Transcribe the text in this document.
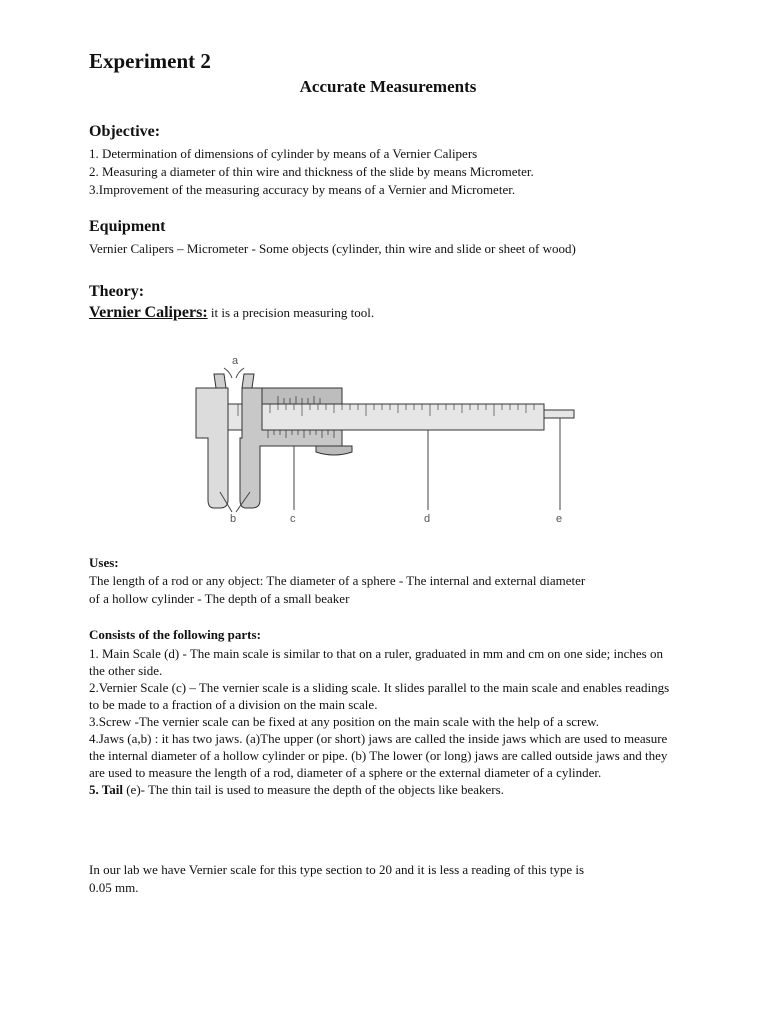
Experiment 2
Accurate Measurements
Objective:
1. Determination of dimensions of cylinder by means of a Vernier Calipers
2. Measuring a diameter of thin wire and thickness of the slide by means Micrometer.
3.Improvement of the measuring accuracy by means of a Vernier and Micrometer.
Equipment
Vernier Calipers – Micrometer - Some objects (cylinder, thin wire and slide or sheet of wood)
Theory:
Vernier Calipers: it is a precision measuring tool.
a
b	c	d	e
Uses:
The length of a rod or any object: The diameter of a sphere - The internal and external diameter
of a hollow cylinder - The depth of a small beaker
Consists of the following parts:

1. Main Scale (d) - The main scale is similar to that on a ruler, graduated in mm and cm on one side; inches on the other side.

2.Vernier Scale (c) – The vernier scale is a sliding scale. It slides parallel to the main scale and enables readings to be made to a fraction of a division on the main scale.

3.Screw -The vernier scale can be fixed at any position on the main scale with the help of a screw.

4.Jaws (a,b) : it has two jaws. (a)The upper (or short) jaws are called the inside jaws which are used to measure the internal diameter of a hollow cylinder or pipe. (b) The lower (or long) jaws are called outside jaws and they are used to measure the length of a rod, diameter of a sphere or the external diameter of a cylinder.

5. Tail (e)- The thin tail is used to measure the depth of the objects like beakers.

In our lab we have Vernier scale for this type section to 20 and it is less a reading of this type is
0.05 mm.
